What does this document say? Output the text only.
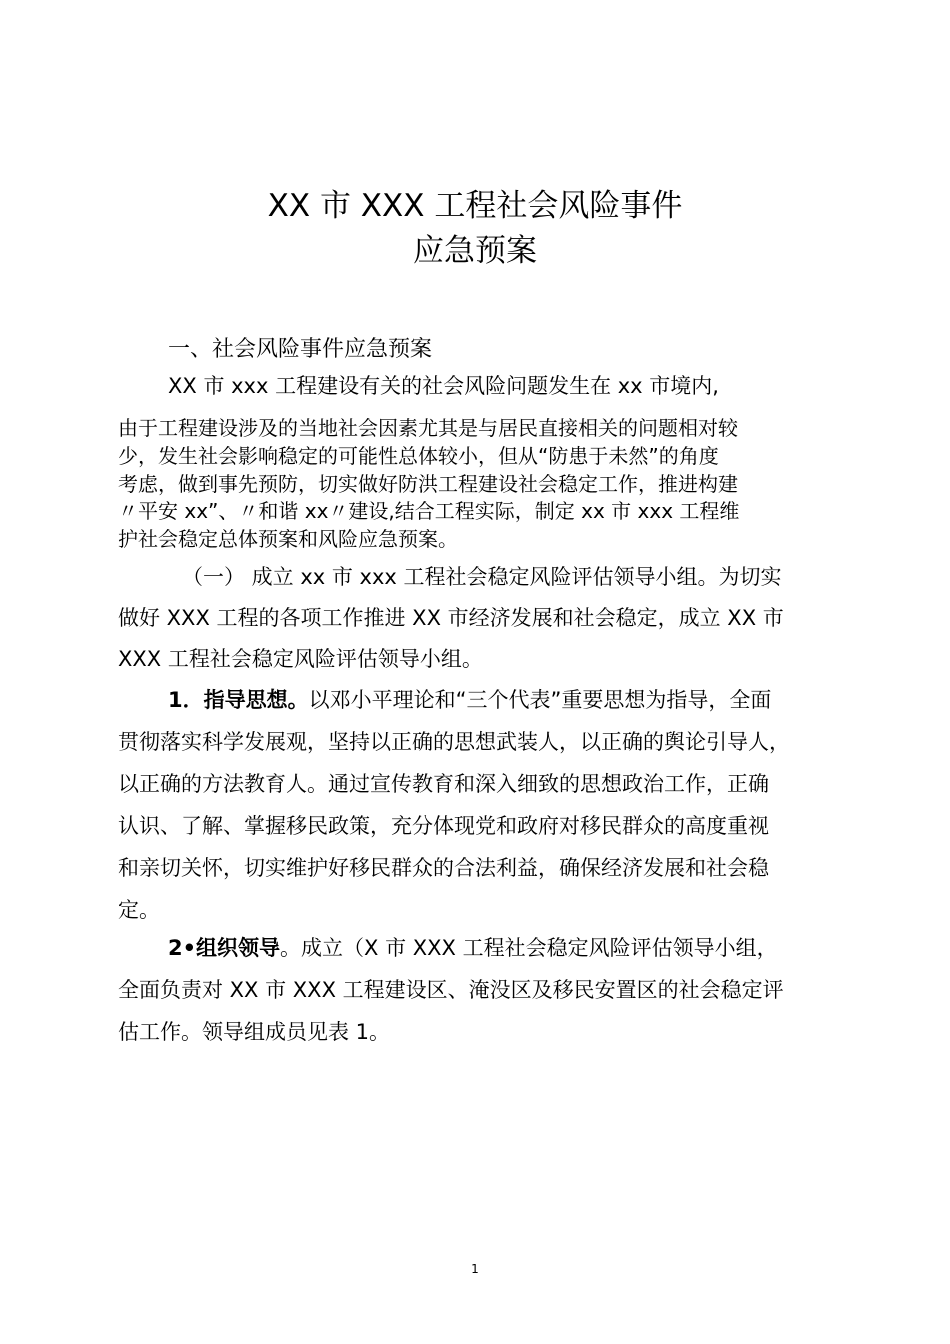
XX 市 XXX 工程社会风险事件
应急预案
一、社会风险事件应急预案
XX 市 xxx 工程建设有关的社会风险问题发生在 xx 市境内,
由于工程建设涉及的当地社会因素尤其是与居民直接相关的问题相对较
少，发生社会影响稳定的可能性总体较小，但从“防患于未然”的角度
考虑，做到事先预防，切实做好防洪工程建设社会稳定工作，推进构建
〃平安 xx”、〃和谐 xx〃建设,结合工程实际，制定 xx 市 xxx 工程维
护社会稳定总体预案和风险应急预案。
（一） 成立 xx 市 xxx 工程社会稳定风险评估领导小组。为切实
做好 XXX 工程的各项工作推进 XX 市经济发展和社会稳定，成立 XX 市
XXX 工程社会稳定风险评估领导小组。
1．指导思想。以邓小平理论和“三个代表”重要思想为指导，全面
贯彻落实科学发展观，坚持以正确的思想武装人，以正确的舆论引导人，
以正确的方法教育人。通过宣传教育和深入细致的思想政治工作，正确
认识、了解、掌握移民政策，充分体现党和政府对移民群众的高度重视
和亲切关怀，切实维护好移民群众的合法利益，确保经济发展和社会稳
定。
2•组织领导。成立（X 市 XXX 工程社会稳定风险评估领导小组，
全面负责对 XX 市 XXX 工程建设区、淹没区及移民安置区的社会稳定评
估工作。领导组成员见表 1。
1
